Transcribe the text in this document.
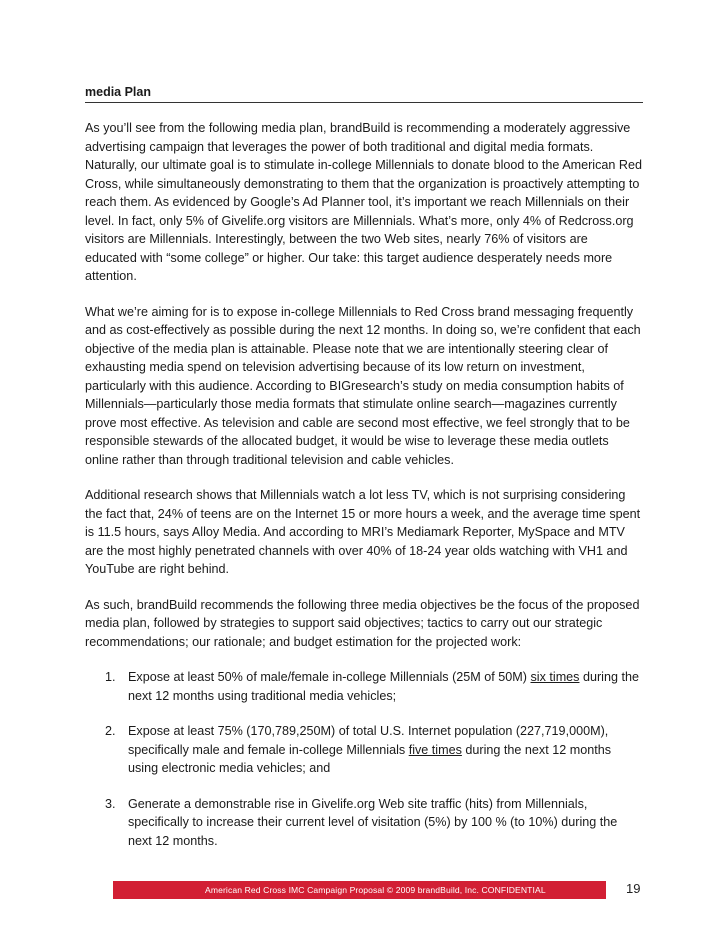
media Plan

As you’ll see from the following media plan, brandBuild is recommending a moderately aggressive advertising campaign that leverages the power of both traditional and digital media formats. Naturally, our ultimate goal is to stimulate in-college Millennials to donate blood to the American Red Cross, while simultaneously demonstrating to them that the organization is proactively attempting to reach them. As evidenced by Google’s Ad Planner tool, it’s important we reach Millennials on their level. In fact, only 5% of Givelife.org visitors are Millennials. What’s more, only 4% of Redcross.org visitors are Millennials. Interestingly, between the two Web sites, nearly 76% of visitors are educated with “some college” or higher. Our take: this target audience desperately needs more attention.

What we’re aiming for is to expose in-college Millennials to Red Cross brand messaging frequently and as cost-effectively as possible during the next 12 months. In doing so, we’re confident that each objective of the media plan is attainable. Please note that we are intentionally steering clear of exhausting media spend on television advertising because of its low return on investment, particularly with this audience. According to BIGresearch’s study on media consumption habits of Millennials—particularly those media formats that stimulate online search—magazines currently prove most effective. As television and cable are second most effective, we feel strongly that to be responsible stewards of the allocated budget, it would be wise to leverage these media outlets online rather than through traditional television and cable vehicles.

Additional research shows that Millennials watch a lot less TV, which is not surprising considering the fact that, 24% of teens are on the Internet 15 or more hours a week, and the average time spent is 11.5 hours, says Alloy Media. And according to MRI’s Mediamark Reporter, MySpace and MTV are the most highly penetrated channels with over 40% of 18-24 year olds watching with VH1 and YouTube are right behind.

As such, brandBuild recommends the following three media objectives be the focus of the proposed media plan, followed by strategies to support said objectives; tactics to carry out our strategic recommendations; our rationale; and budget estimation for the projected work:

1. Expose at least 50% of male/female in-college Millennials (25M of 50M) six times during the next 12 months using traditional media vehicles;
2. Expose at least 75% (170,789,250M) of total U.S. Internet population (227,719,000M), specifically male and female in-college Millennials five times during the next 12 months using electronic media vehicles; and
3. Generate a demonstrable rise in Givelife.org Web site traffic (hits) from Millennials, specifically to increase their current level of visitation (5%) by 100 % (to 10%) during the next 12 months.
American Red Cross IMC Campaign Proposal © 2009 brandBuild, Inc. CONFIDENTIAL	19
